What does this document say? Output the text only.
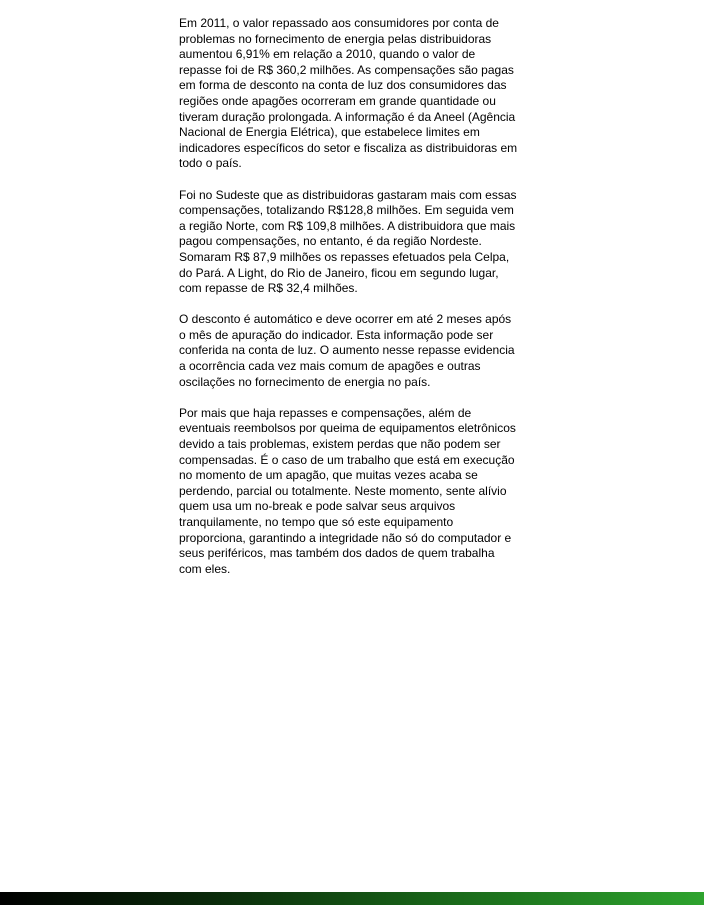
Em 2011, o valor repassado aos consumidores por conta de problemas no fornecimento de energia pelas distribuidoras aumentou 6,91% em relação a 2010, quando o valor de repasse foi de R$ 360,2 milhões. As compensações são pagas em forma de desconto na conta de luz dos consumidores das regiões onde apagões ocorreram em grande quantidade ou tiveram duração prolongada. A informação é da Aneel (Agência Nacional de Energia Elétrica), que estabelece limites em indicadores específicos do setor e fiscaliza as distribuidoras em todo o país.

Foi no Sudeste que as distribuidoras gastaram mais com essas compensações, totalizando R$128,8 milhões. Em seguida vem a região Norte, com R$ 109,8 milhões. A distribuidora que mais pagou compensações, no entanto, é da região Nordeste. Somaram R$ 87,9 milhões os repasses efetuados pela Celpa, do Pará. A Light, do Rio de Janeiro, ficou em segundo lugar, com repasse de R$ 32,4 milhões.

O desconto é automático e deve ocorrer em até 2 meses após o mês de apuração do indicador. Esta informação pode ser conferida na conta de luz. O aumento nesse repasse evidencia a ocorrência cada vez mais comum de apagões e outras oscilações no fornecimento de energia no país.

Por mais que haja repasses e compensações, além de eventuais reembolsos por queima de equipamentos eletrônicos devido a tais problemas, existem perdas que não podem ser compensadas. É o caso de um trabalho que está em execução no momento de um apagão, que muitas vezes acaba se perdendo, parcial ou totalmente. Neste momento, sente alívio quem usa um no-break e pode salvar seus arquivos tranquilamente, no tempo que só este equipamento proporciona, garantindo a integridade não só do computador e seus periféricos, mas também dos dados de quem trabalha com eles.
